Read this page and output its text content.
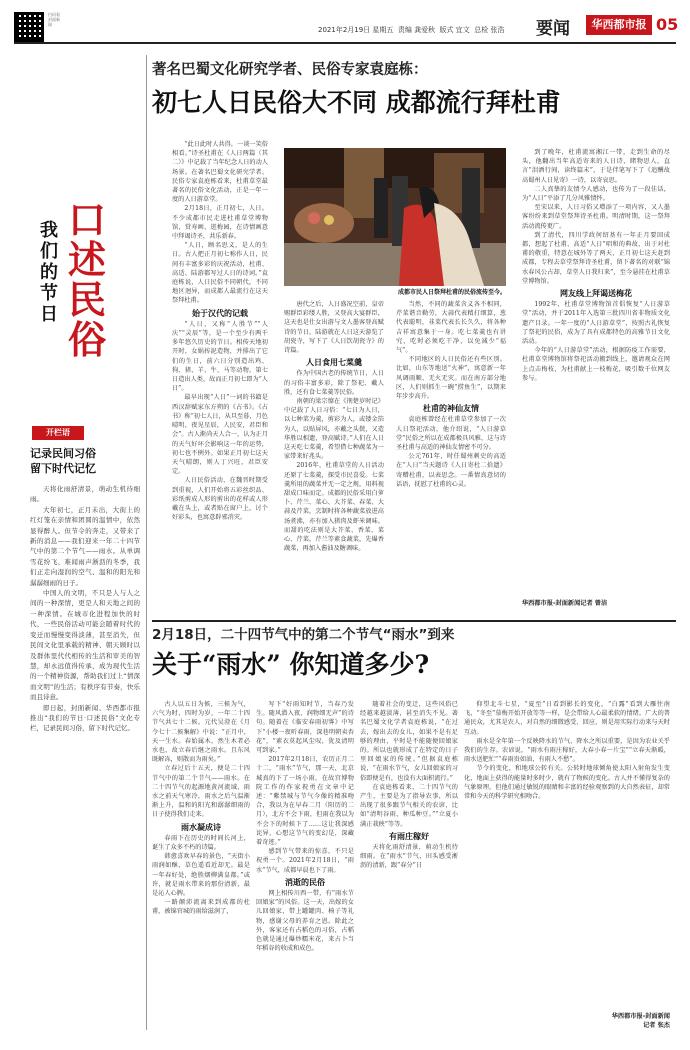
扫码看封面新闻
2021年2月19日 星期五 责编 龚爱秋 版式 宜文 总检 张浩 要闻	华西都市报 05
口述民俗
我们的节日
开栏语
记录民间习俗
留下时代记忆

天将化雨舒清景，萌动生机待细雨。

大年初七，正月未出，大街上的红灯笼在亲情和团圆的温情中，依然显得醉人。但节令的奔走，又带来了新的消息——我们迎来一年二十四节气中的第二个节气——雨水。从单调雪花纷飞、难闻雨声淅沥的冬季，我们正走向湿润的空气、温和的阳光和潺潺细雨的日子。

中国人的文明，不只是人与人之间的一种深情，更是人和天地之间的一种深情。在城市化进程加快的时代，一些民俗活动可能会随着时代的变迁而慢慢变得淡薄，甚至消失，但民间文化里承载的精神、朝天顾时以及群体里代代相传的生活和审美的智慧，却永远值得传承，成为现代生活的一个精神资源，帮助我们过上“情深而文明”的生活；有秩序有节奏，快乐而且诗意。

即日起，封面新闻、华西都市报推出“我们的节日·口述民俗”文化专栏，记录民间习俗，留下时代记忆。

著名巴蜀文化研究学者、民俗专家袁庭栋：
初七人日民俗大不同 成都流行拜杜甫

“此日此时人共得，一谈一笑俗相看。”诗圣杜甫在《人日两篇（其二）》中记载了当年纪念人日的动人场景。在著名巴蜀文化研究学者、民俗专家袁庭栋看来，杜甫草堂最著名的民俗文化活动，正是一年一度的人日游草堂。

2月18日，正月初七，人日。不少成都市民走进杜甫草堂博物馆，赏寿画、逛梅园，在诗情画意中拜谒诗圣，共乐新春。

“人日，顾名思义，是人的生日。古人把正月初七称作人日，民间有丰富多彩的庆祝活动，杜甫、高适、陆游都写过人日的诗词。”袁庭栋说，人日民俗不同朝代，不同地区迥异，而成都人最流行在这天祭拜杜甫。

始于汉代的记载

“人日，又称“人胜节”“人庆”“灵辰”等，是一个至少有两千多年悠久历史的节日。相传天地初开时，女娲抟泥造物，并排出了它们的生日，前六日分别造出鸡、狗、猪、羊、牛、马等动物，第七日造出人类，故而正月初七即为“人日”。

最早出现“人日”一词的书籍是西汉辞赋家东方朔的《占书》。《占书》称“初七人日，从旦至暮，月色晴明，夜见星辰，人民安，君臣和会”。古人渐尚天人合一，认为正月的天气好坏会影响这一年的运势，初七也不例外。如果正月初七这天天气晴朗，则人丁兴旺，君臣安定。

人日民俗活动，在魏晋时期受到重视，人们开始将五彩丝织品、彩纸剪成人形的剪出的花样或人形戴在头上，或者贴在窗户上，讨个好彩头，也寓意辟邪消灾。

成都市民人日祭拜杜甫的民俗流传至今。

唐代之后，人日盛况空前，皇帝赐群臣彩缕人胜，又登高大宴群臣，这天也是仕女出游与文人墨客登高赋诗的节日，陆游就在人日这天游览了胡瓷寺，写下了《人日饮胡瓷寺》的诗篇。

人日食用七菜羹

作为中国古老的传统节日，人日的习俗丰富多彩，除了祭祀、戴人胜，还有食七菜羹等民俗。

南朝的梁宗懔在《荆楚岁时记》中记载了人日习俗：“七日为人日，以七种菜为羹，剪彩为人，或镂金箔为人，以贴屏风，亦戴之头鬓，又造华胜以相遗，登高赋诗。”人们在人日这天吃七菜羹，希望借七种蔬菜为一家带来好兆头。

2016年，杜甫草堂的人日活动还原了七菜羹，探受市民喜爱。七菜羹所用的蔬菜并无一定之规，用料视甜成口味而定。成都的民俗采用白萝卜、芹兰、菜心、大芥菜、春菜、大蒜及芹菜，烹制时将各种蔬菜放进高汤煮沸，亦有加入猪肉及虾米调味。而甜的吃法则是大芥菜、香菜、菜心、芹菜，芹兰等素食蔬菜，先爆香蔬菜，再加入酱油及糖调味。

当然，不同的蔬菜含义各不相同，芹菜谐音勤劳，大蒜代表精打细算，葱代表聪明，韭菜代表长长久久，将各种吉祥寓意集于一身。吃七菜羹也有讲究，吃时必须吃干净，以免减少“福气”。

不同地区的人日民俗还有些区别。比如，山东等地送“火神”，寓意新一年风调雨顺、无火无灾。而在南方部分地区，人们则抓生一碗“捞鱼生”，以期来年步步高升。

杜甫的神仙友情

袁庭栋曾经在杜甫草堂参加了一次人日祭祀活动，他介绍说，“人日游草堂”民俗之所以在成都极具风雅，这与诗圣杜甫与高适的神仙友情密不可分。

公元761年，时任蜀州刺史的高适在“人日”当天题诗《人日寄杜二拾遗》寄赠杜甫，以表思念。一番情真意切的话语，抚慰了杜甫的心灵。

到了晚年，杜甫流寓湘江一带，走到生命的尽头，他翻出当年高适寄来的人日诗，睹物思人，直言“泪洒行间，读终篇末”，于是伴笔写下了《追酬故高蜀州人日见寄》一诗，以寄哀思。

二人真挚的友情令人感动，也传为了一段佳话，为“人日”平添了几分风雅情怀。

至宋以来，人日习俗又增添了一项内容，又人墨客纷纷来到草堂祭拜诗圣杜甫。明清时期，这一祭拜活动流传更广。

到了清代，四川学政何绍基有一年正月要回成都，想起了杜甫、高适“人日”唱和的典故，出于对杜甫的敬重，特意在城外等了两天，正月初七这天赶到成都，专程去草堂祭拜诗圣杜甫，留下著名的对联“锦水春风公占却，草堂人日我归来”，至今悬挂在杜甫草堂博物馆。

网友线上拜谒送梅花

1992年，杜甫草堂博物馆首倡恢复“人日游草堂”活动，并于2011年入选第三批四川省非物质文化遗产目录。一年一度的“人日游草堂”，按照古礼恢复了祭祀的民俗，成为了具有成都特色的高雅节日文化活动。

今年的“人日游草堂”活动，根据防疫工作需要，杜甫草堂博物馆将祭祀活动搬到线上，邀请观众在网上点击梅枝，为杜甫献上一枝梅花，吸引数千位网友参与。

华西都市报-封面新闻记者 曾洁
2月18日，二十四节气中的第二个节气“雨水”到来
关于“雨水” 你知道多少?

古人以五日为候，三候为气，六气为时，四时为岁，一年二十四节气共七十二候。元代吴澄在《月令七十二候集解》中说：“正月中，天一生水。春始属木，然生木者必水也，故立春后继之雨水。且东风既解冻，则散而为雨矣。”

立春过后十五天，便是二十四节气中的第二个节气——雨水。在二十四节气的起源地黄河流域，雨水之前天气寒冷，雨水之后气温渐渐上升，温和的阳光和潺潺细雨的日子使得我们走来。

雨水凝成诗

春雨下在历史的时间长河上，诞生了众多不朽的诗篇。

韩愈喜欢早春的景色，“天街小雨润如酥，草色遥看近却无。最是一年春好处，绝胜烟柳满皇都。”或许，就是雨水带来的那份清新，最是沁人心脾。

一路颠沛流离来到成都的杜甫，被锦官城的雨给滋润了，

写下“好雨知时节，当春乃发生。随风潜入夜，润物细无声”的诗句。随着在《临安春雨初霁》中写下“小楼一夜听春雨，深巷明朝卖杏花”，“素衣莫起风尘叹，犹及清明可到家。”

2017年2月18日，农历正月二十二，“雨水”节气，那一天，北京城真的下了一场小雨，在故宫博物院工作的作家祝勇在文章中记述：“紫禁城与节气今像的精准吻合，我以为在早春二月（阳历的二月），北方不会下雨，但雨在我以为不会下的时候下了……这让我深感诧异，心想这节气的变幻是，深藏着奇迹。”

感到节气带来的惊喜，不只是祝勇一个。2021年2月18日，“雨水”节气，成都早晨也下了雨。

消逝的民俗

网上相传川西一带，有“雨水节回娘家”的风俗。这一天，出嫁的女儿回娘家，带上罐罐肉、椅子等礼物，感谢父母的养育之恩。除此之外，客家还有占稻色的习俗，占稻色就是通过爆炒糯米花，来占卜当年稻谷的收成和成色。

随着社会的变迁，这些风俗已经越来越淡薄，甚至消失不见。著名巴蜀文化学者袁庭栋说，“在过去，嫁出去的女儿，如果不是有足够的理由，平时是不能随便回娘家的。所以也就形成了在特定的日子里回娘家的传统。”但据袁庭栋说，“在雨水节气，女儿回娘家的习俗即便是有，也没有大面积流行。”

在袁庭栋看来，二十四节气的产生，主要是为了指导农事，所以出现了很多跟节气相关的农谚，比如“清明谷雨，种瓜种豆。”“立夏小满正栽秧”等等。

有雨庄稼好

天将化雨舒清景，萌动生机待细雨。在“雨水”节气，田头感受淅沥的清新，跟“春分”日

仰望北斗七星，“夏至”日看到影长的变化，“白露”看到大雁往南飞，“冬至”慕梅开始开放等等一样，是会带给人心最柔软的情绪。广大的普通民众，尤其是农人，对自然的细微感受、回应，则是用实际行动来与天时互动。

雨水是全年第一个反映降水的节气，降水之所以重要，是因为农业关乎我们的生存。农谚说，“雨水有雨庄稼好，大春小春一片宝”“立春天渐暖，雨水送肥忙”“春雨贵如油，有雨人不愁”。

节令的变化，和地球公转有关。公转时地球倾角使太阳入射角发生变化，地面上获得的能量时多时少，就有了物候的变化。古人并不懂得复杂的气象原理，但他们通过敏锐的眼睛和丰富的经验观察到的大自然表征，却常常和今天的科学研究相吻合。

华西都市报-封面新闻
记者 张杰
